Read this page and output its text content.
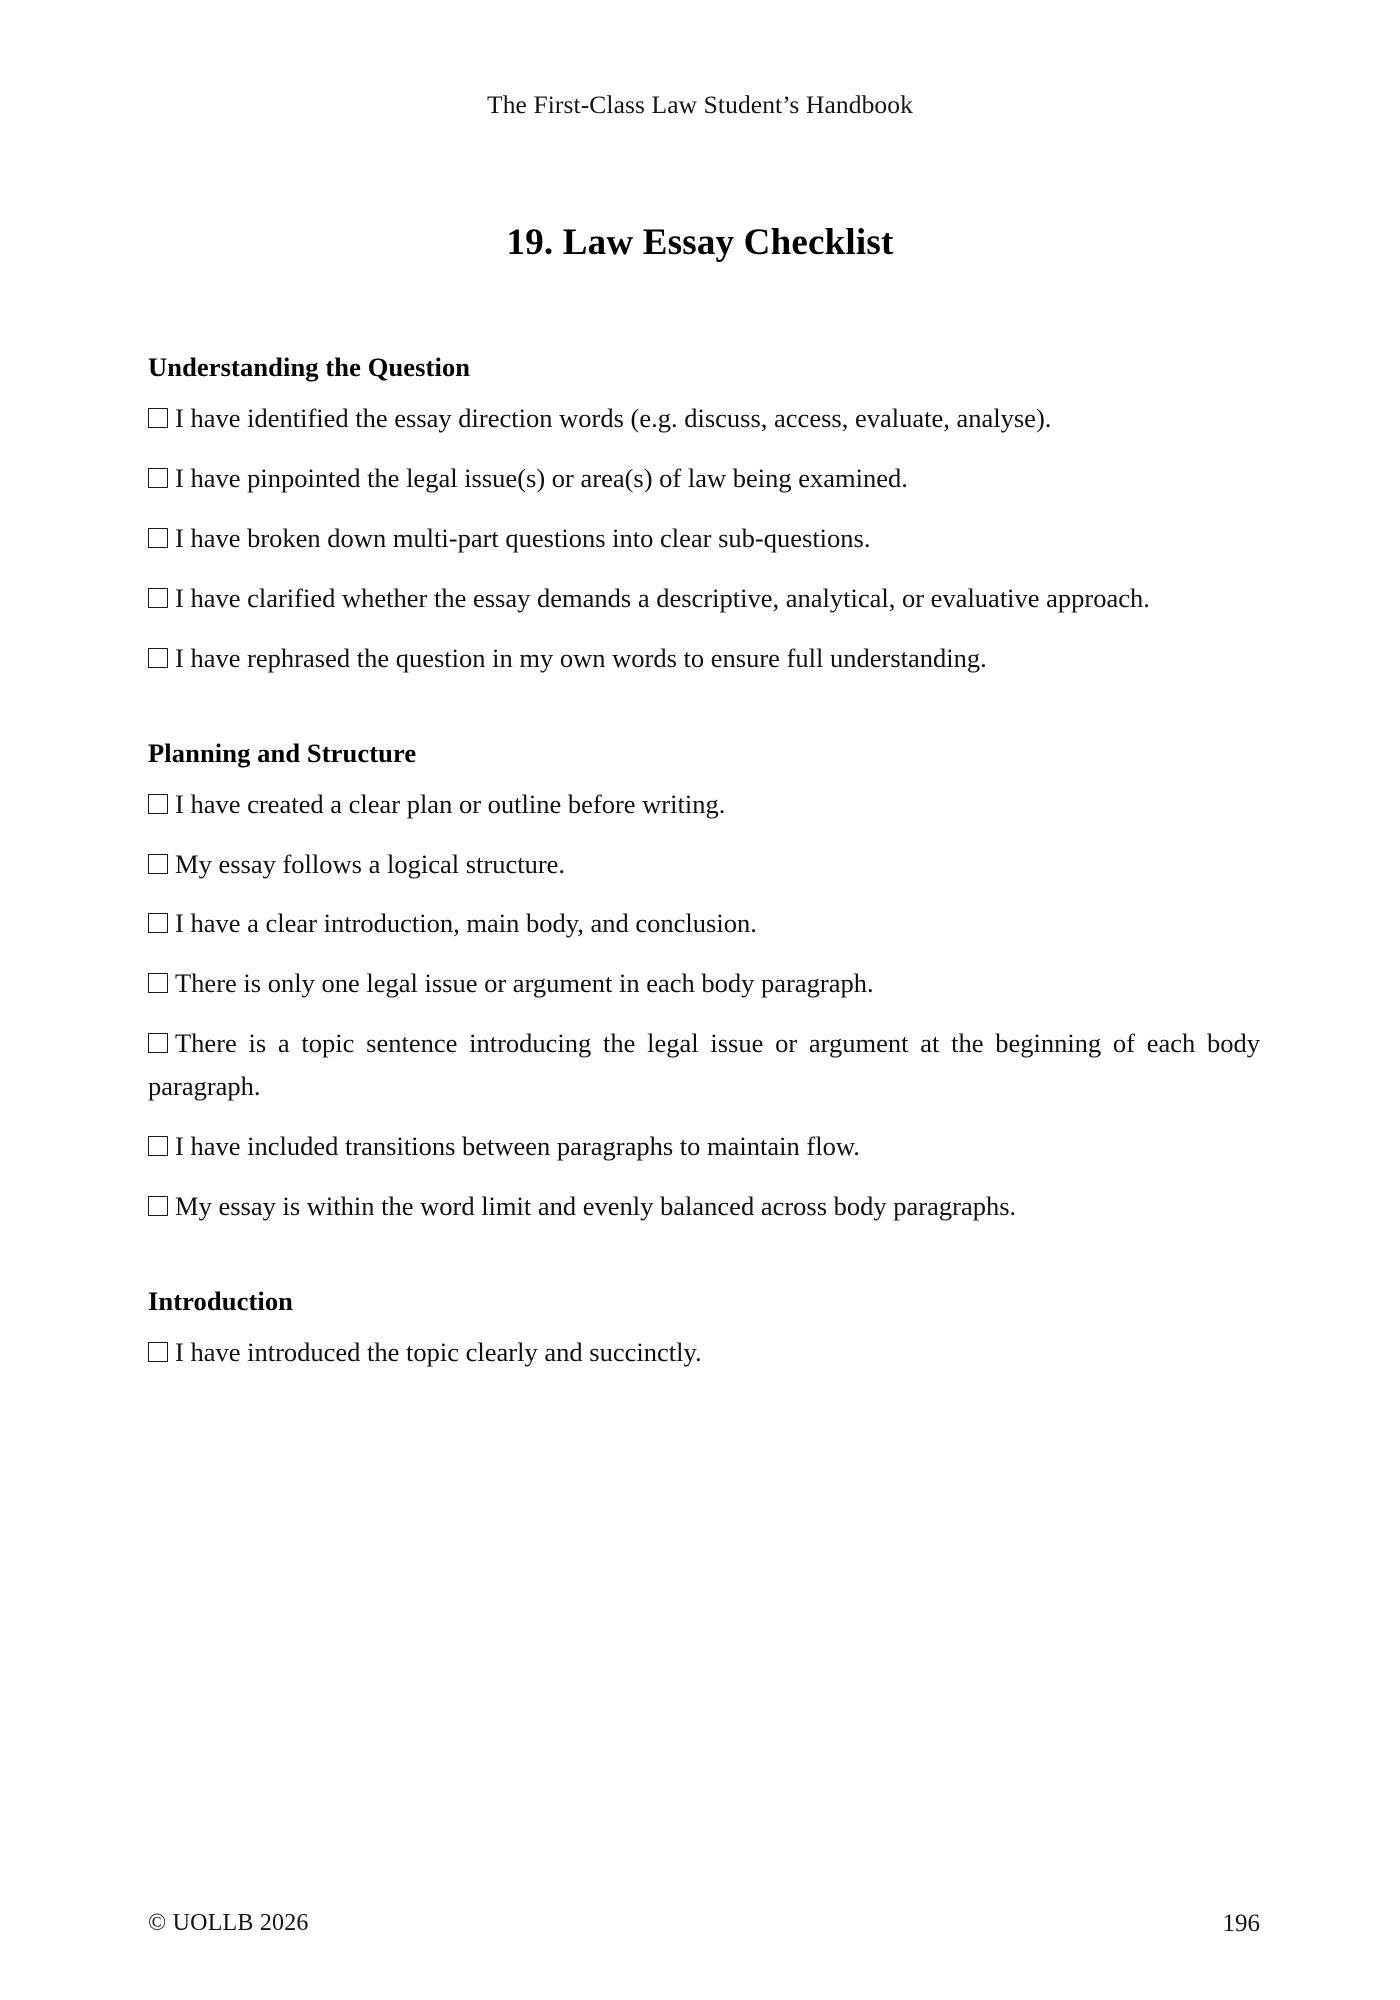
The First-Class Law Student’s Handbook
19. Law Essay Checklist
Understanding the Question
I have identified the essay direction words (e.g. discuss, access, evaluate, analyse).
I have pinpointed the legal issue(s) or area(s) of law being examined.
I have broken down multi-part questions into clear sub-questions.
I have clarified whether the essay demands a descriptive, analytical, or evaluative approach.
I have rephrased the question in my own words to ensure full understanding.
Planning and Structure
I have created a clear plan or outline before writing.
My essay follows a logical structure.
I have a clear introduction, main body, and conclusion.
There is only one legal issue or argument in each body paragraph.
There is a topic sentence introducing the legal issue or argument at the beginning of each body paragraph.
I have included transitions between paragraphs to maintain flow.
My essay is within the word limit and evenly balanced across body paragraphs.
Introduction
I have introduced the topic clearly and succinctly.
© UOLLB 2026	196
